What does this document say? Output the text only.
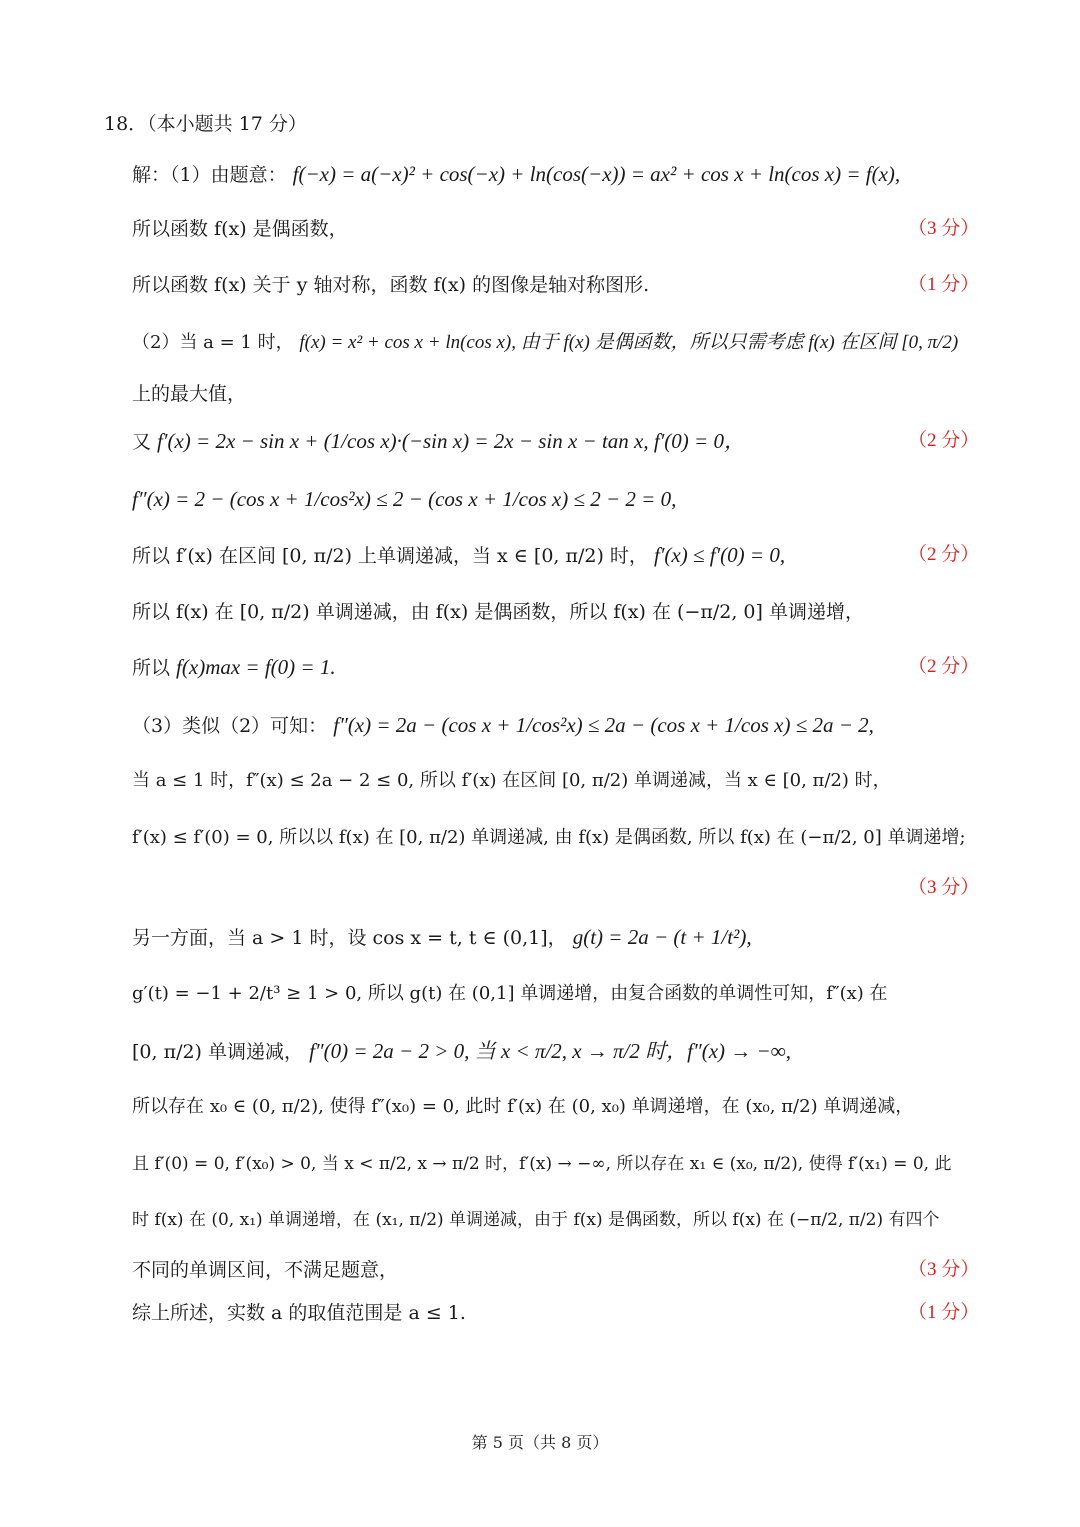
18．（本小题共 17 分）
解：（1）由题意： f(−x) = a(−x)² + cos(−x) + ln(cos(−x)) = ax² + cos x + ln(cos x) = f(x),
所以函数 f(x) 是偶函数，	（3 分）
所以函数 f(x) 关于 y 轴对称，函数 f(x) 的图像是轴对称图形.	（1 分）
（2）当 a = 1 时， f(x) = x² + cos x + ln(cos x), 由于 f(x) 是偶函数，所以只需考虑 f(x) 在区间 [0, π/2)
上的最大值，
又 f′(x) = 2x − sin x + (1/cos x)·(−sin x) = 2x − sin x − tan x, f′(0) = 0，	（2 分）
f″(x) = 2 − (cos x + 1/cos²x) ≤ 2 − (cos x + 1/cos x) ≤ 2 − 2 = 0,
所以 f′(x) 在区间 [0, π/2) 上单调递减，当 x ∈ [0, π/2) 时， f′(x) ≤ f′(0) = 0,	（2 分）
所以 f(x) 在 [0, π/2) 单调递减，由 f(x) 是偶函数，所以 f(x) 在 (−π/2, 0] 单调递增，
所以 f(x)max = f(0) = 1.	（2 分）
（3）类似（2）可知： f″(x) = 2a − (cos x + 1/cos²x) ≤ 2a − (cos x + 1/cos x) ≤ 2a − 2,
当 a ≤ 1 时，f″(x) ≤ 2a − 2 ≤ 0, 所以 f′(x) 在区间 [0, π/2) 单调递减，当 x ∈ [0, π/2) 时，
f′(x) ≤ f′(0) = 0, 所以以 f(x) 在 [0, π/2) 单调递减, 由 f(x) 是偶函数, 所以 f(x) 在 (−π/2, 0] 单调递增;
（3 分）
另一方面，当 a > 1 时，设 cos x = t, t ∈ (0,1]， g(t) = 2a − (t + 1/t²),
g′(t) = −1 + 2/t³ ≥ 1 > 0, 所以 g(t) 在 (0,1] 单调递增，由复合函数的单调性可知，f″(x) 在
[0, π/2) 单调递减， f″(0) = 2a − 2 > 0, 当 x < π/2, x → π/2 时，f″(x) → −∞,
所以存在 x₀ ∈ (0, π/2), 使得 f″(x₀) = 0, 此时 f′(x) 在 (0, x₀) 单调递增，在 (x₀, π/2) 单调递减，
且 f′(0) = 0, f′(x₀) > 0, 当 x < π/2, x → π/2 时，f′(x) → −∞, 所以存在 x₁ ∈ (x₀, π/2), 使得 f′(x₁) = 0, 此
时 f(x) 在 (0, x₁) 单调递增，在 (x₁, π/2) 单调递减，由于 f(x) 是偶函数，所以 f(x) 在 (−π/2, π/2) 有四个
不同的单调区间，不满足题意，	（3 分）
综上所述，实数 a 的取值范围是 a ≤ 1.	（1 分）
第 5 页（共 8 页）
